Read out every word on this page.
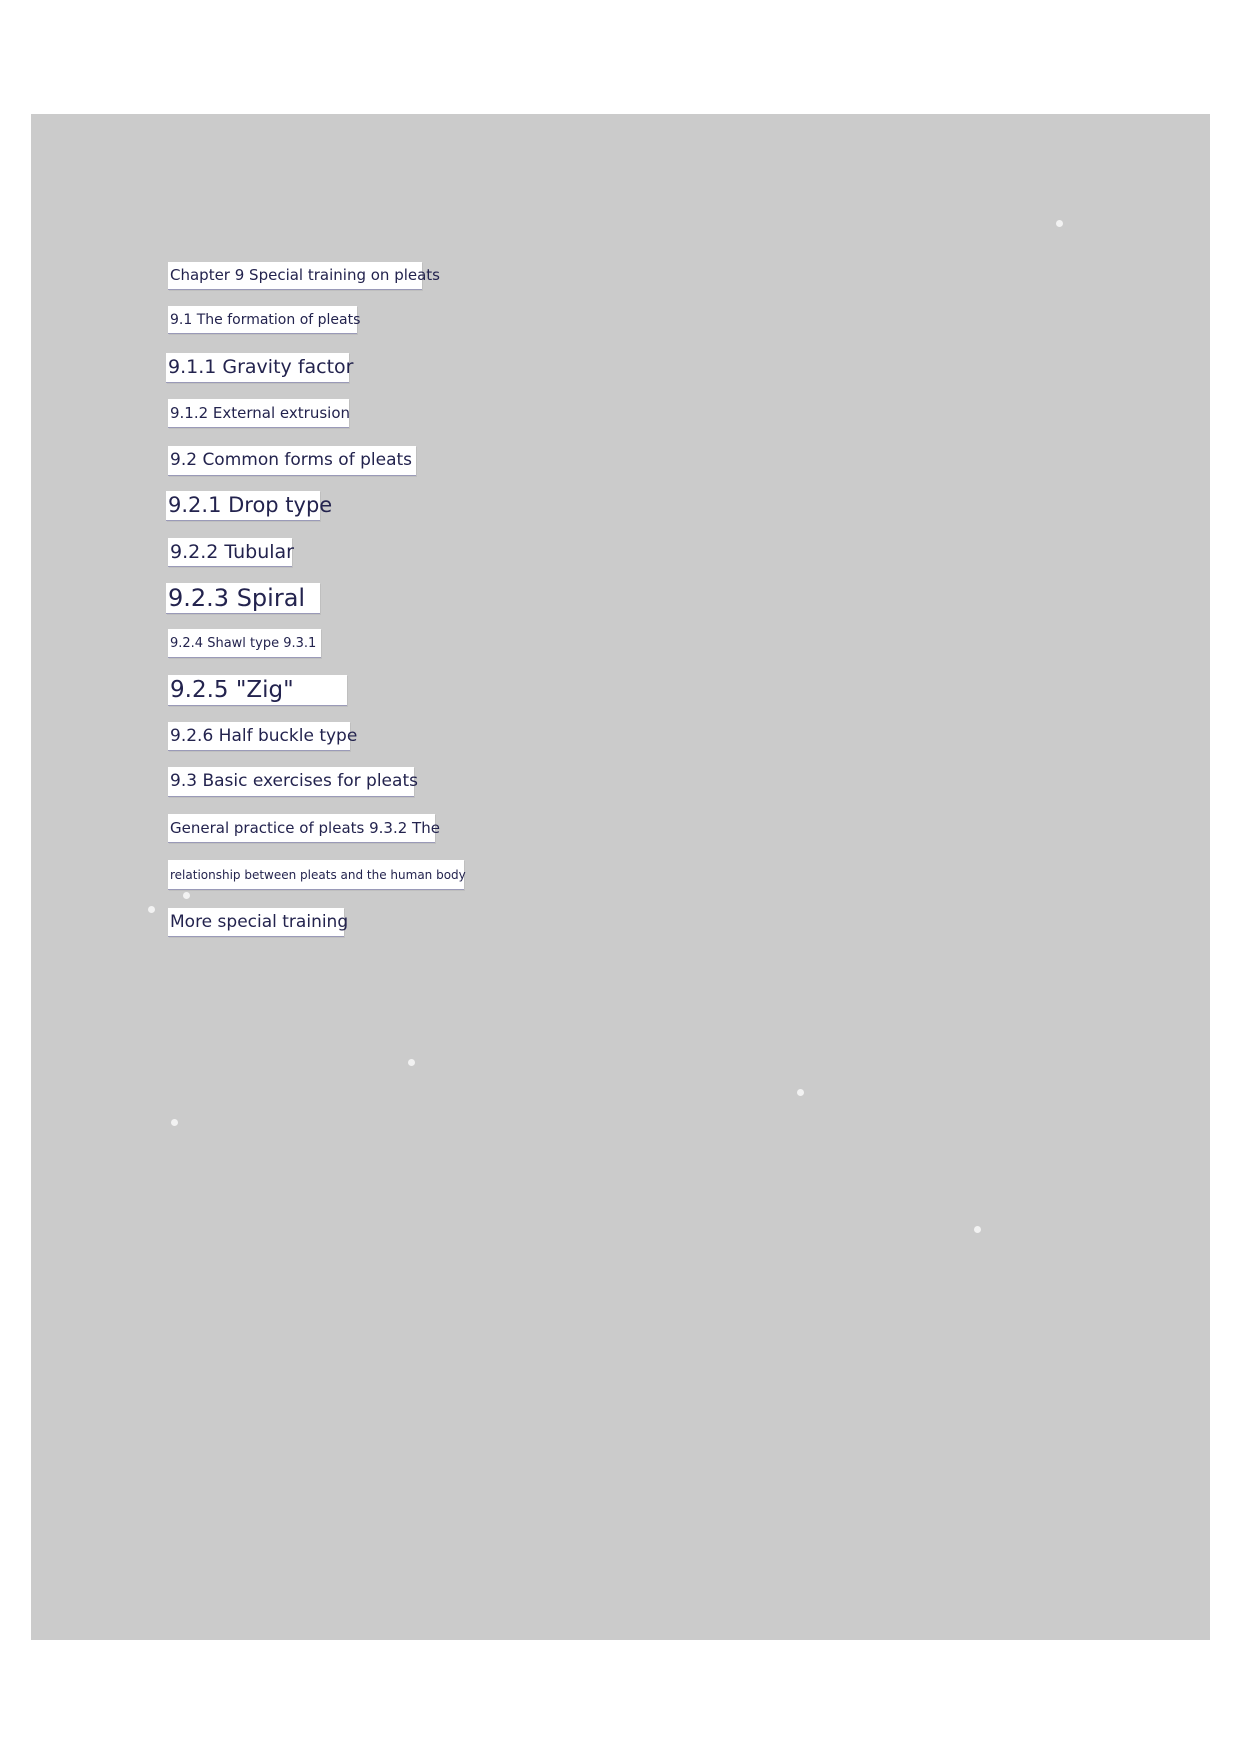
Chapter 9 Special training on pleats
9.1 The formation of pleats
9.1.1 Gravity factor
9.1.2 External extrusion
9.2 Common forms of pleats
9.2.1 Drop type
9.2.2 Tubular
9.2.3 Spiral
9.2.4 Shawl type 9.3.1
9.2.5 "Zig"
9.2.6 Half buckle type
9.3 Basic exercises for pleats
General practice of pleats 9.3.2 The
relationship between pleats and the human body
More special training
